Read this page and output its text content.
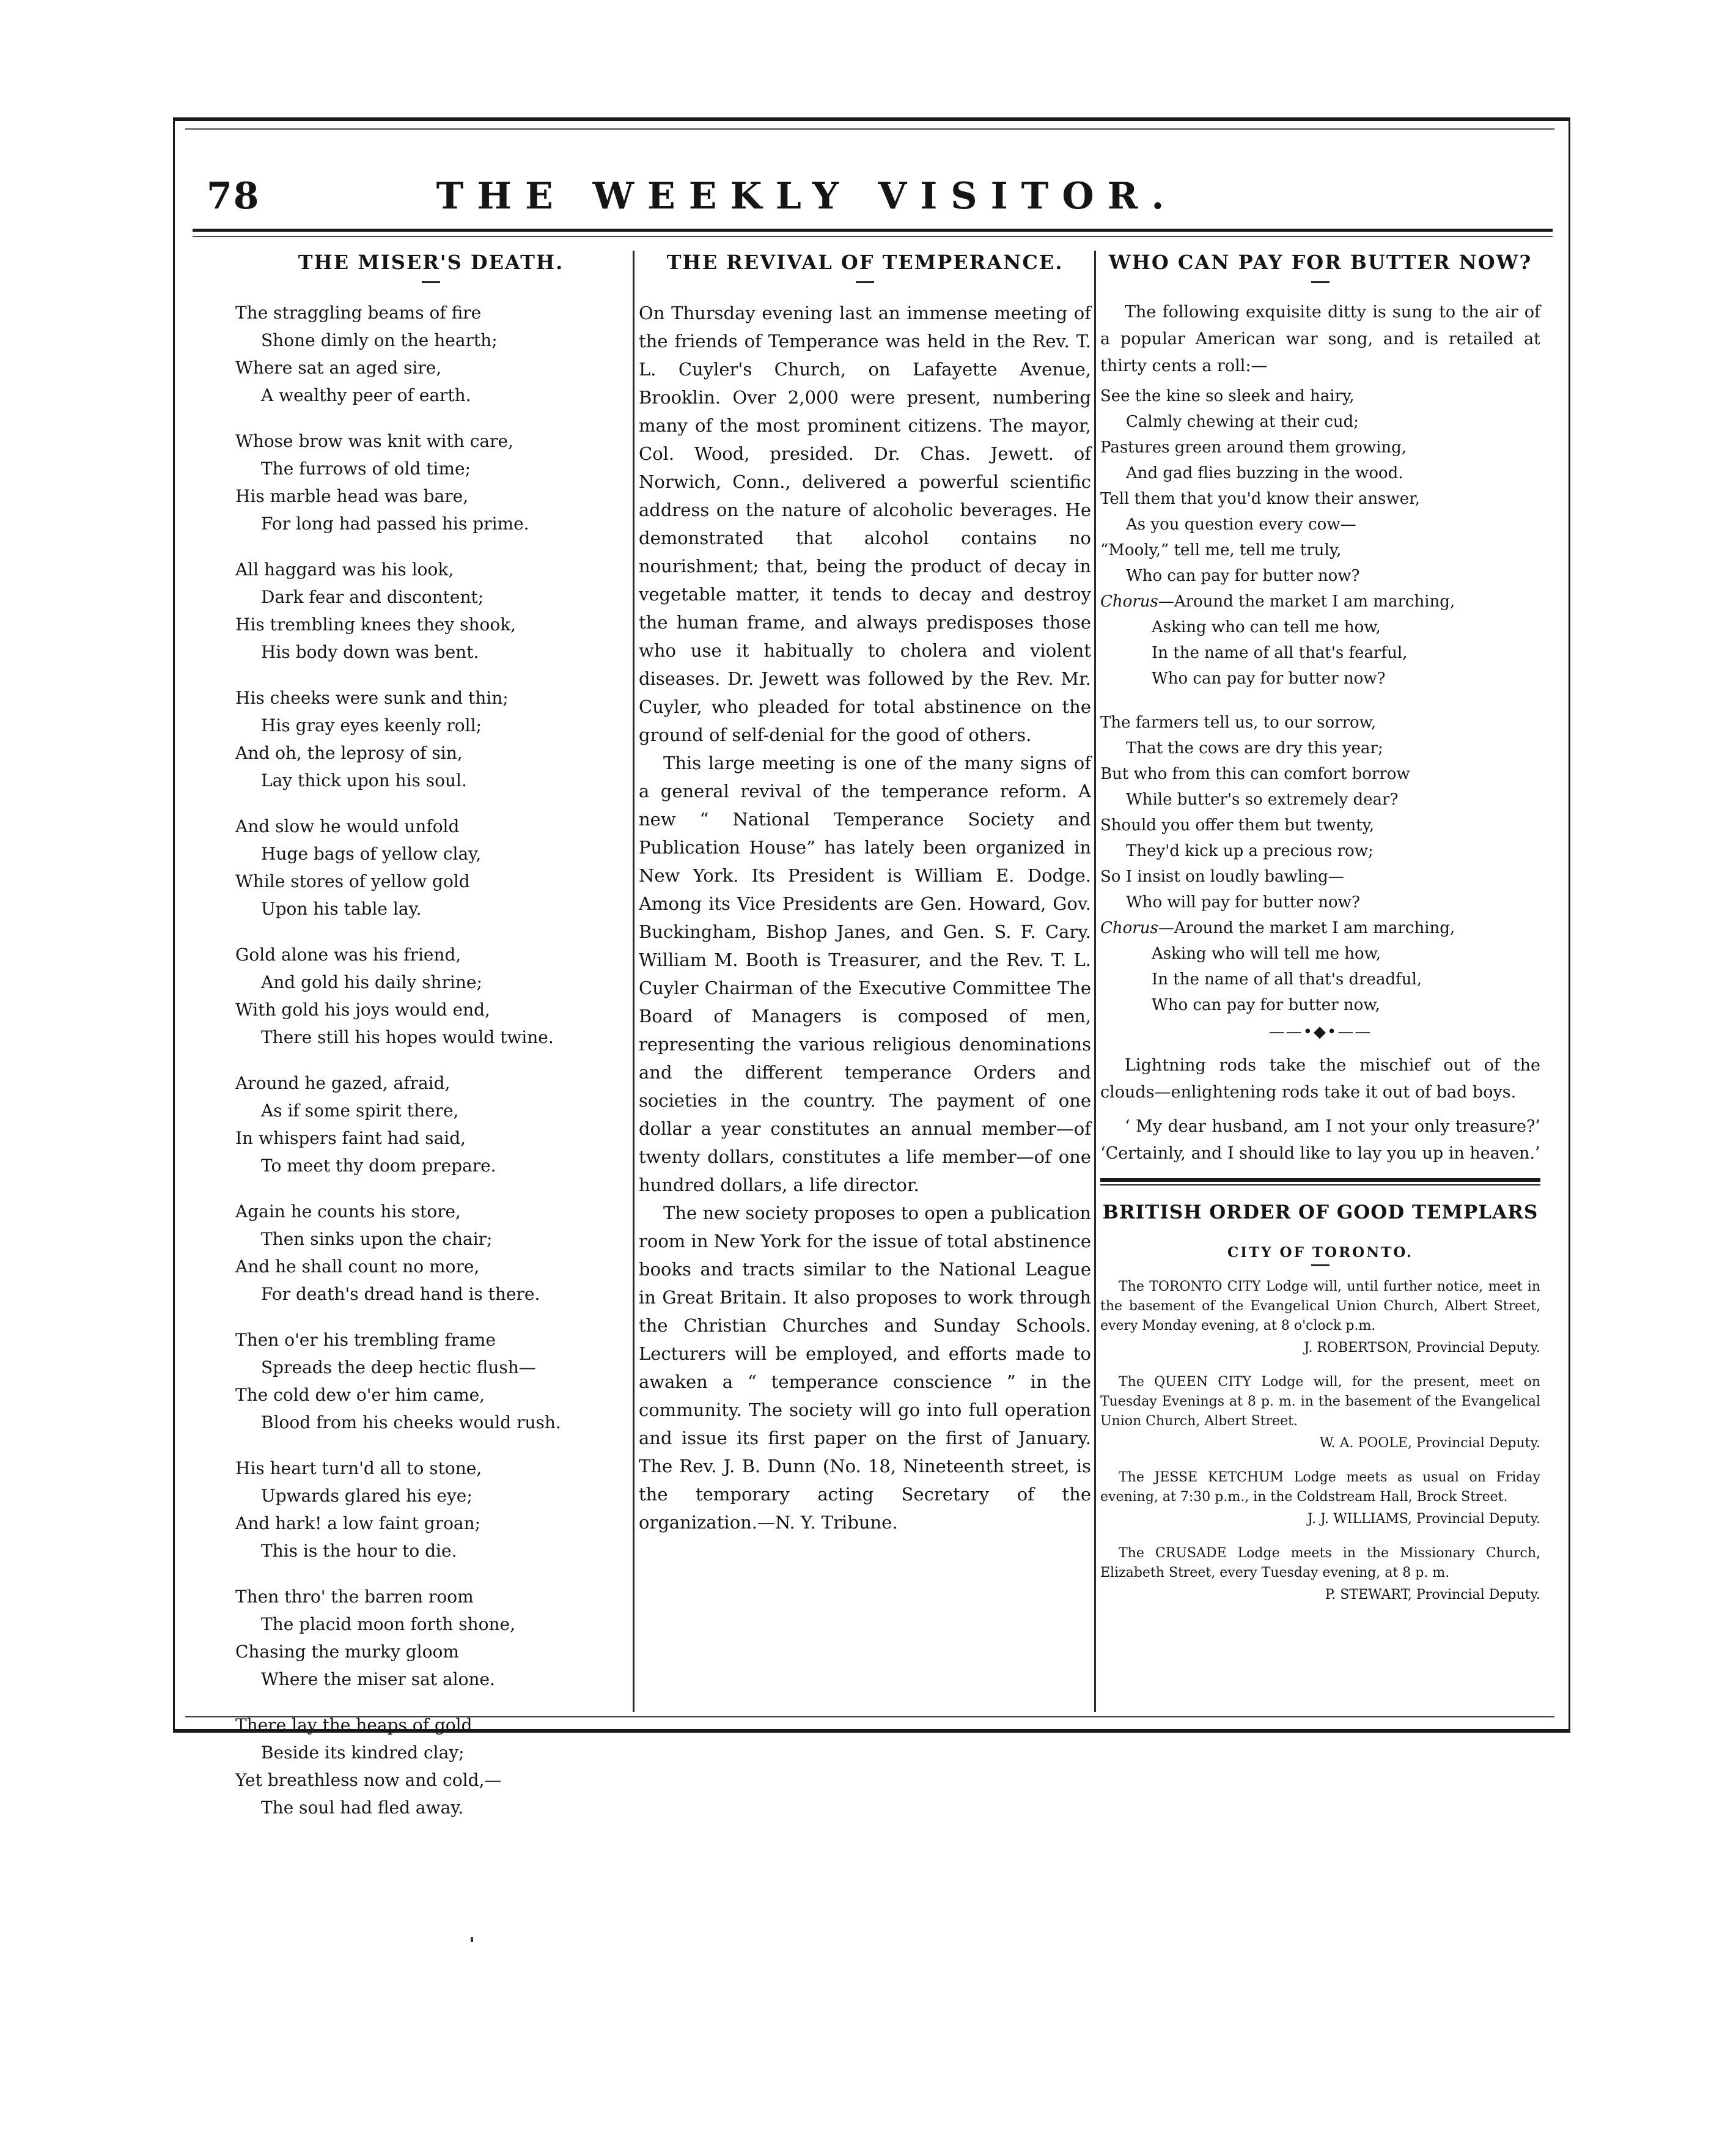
78	THE WEEKLY VISITOR.
THE MISER'S DEATH.
The straggling beams of fire
Shone dimly on the hearth;
Where sat an aged sire,
A wealthy peer of earth.
Whose brow was knit with care,
The furrows of old time;
His marble head was bare,
For long had passed his prime.
All haggard was his look,
Dark fear and discontent;
His trembling knees they shook,
His body down was bent.
His cheeks were sunk and thin;
His gray eyes keenly roll;
And oh, the leprosy of sin,
Lay thick upon his soul.
And slow he would unfold
Huge bags of yellow clay,
While stores of yellow gold
Upon his table lay.
Gold alone was his friend,
And gold his daily shrine;
With gold his joys would end,
There still his hopes would twine.
Around he gazed, afraid,
As if some spirit there,
In whispers faint had said,
To meet thy doom prepare.
Again he counts his store,
Then sinks upon the chair;
And he shall count no more,
For death's dread hand is there.
Then o'er his trembling frame
Spreads the deep hectic flush—
The cold dew o'er him came,
Blood from his cheeks would rush.
His heart turn'd all to stone,
Upwards glared his eye;
And hark! a low faint groan;
This is the hour to die.
Then thro' the barren room
The placid moon forth shone,
Chasing the murky gloom
Where the miser sat alone.
There lay the heaps of gold
Beside its kindred clay;
Yet breathless now and cold,—
The soul had fled away.
THE REVIVAL OF TEMPERANCE.

On Thursday evening last an immense meeting of the friends of Temperance was held in the Rev. T. L. Cuyler's Church, on Lafayette Avenue, Brooklin. Over 2,000 were present, numbering many of the most prominent citizens. The mayor, Col. Wood, presided. Dr. Chas. Jewett. of Norwich, Conn., delivered a powerful scientific address on the nature of alcoholic beverages. He demonstrated that alcohol contains no nourishment; that, being the product of decay in vegetable matter, it tends to decay and destroy the human frame, and always predisposes those who use it habitually to cholera and violent diseases. Dr. Jewett was followed by the Rev. Mr. Cuyler, who pleaded for total abstinence on the ground of self-denial for the good of others.

This large meeting is one of the many signs of a general revival of the temperance reform. A new “ National Temperance Society and Publication House” has lately been organized in New York. Its President is William E. Dodge. Among its Vice Presidents are Gen. Howard, Gov. Buckingham, Bishop Janes, and Gen. S. F. Cary. William M. Booth is Treasurer, and the Rev. T. L. Cuyler Chairman of the Executive Committee The Board of Managers is composed of men, representing the various religious denominations and the different temperance Orders and societies in the country. The payment of one dollar a year constitutes an annual member—of twenty dollars, constitutes a life member—of one hundred dollars, a life director.

The new society proposes to open a publication room in New York for the issue of total abstinence books and tracts similar to the National League in Great Britain. It also proposes to work through the Christian Churches and Sunday Schools. Lecturers will be employed, and efforts made to awaken a “ temperance conscience ” in the community. The society will go into full operation and issue its first paper on the first of January. The Rev. J. B. Dunn (No. 18, Nineteenth street, is the temporary acting Secretary of the organization.—N. Y. Tribune.

WHO CAN PAY FOR BUTTER NOW?

The following exquisite ditty is sung to the air of a popular American war song, and is retailed at thirty cents a roll:—

See the kine so sleek and hairy,
Calmly chewing at their cud;
Pastures green around them growing,
And gad flies buzzing in the wood.
Tell them that you'd know their answer,
As you question every cow—
“Mooly,” tell me, tell me truly,
Who can pay for butter now?
Chorus—Around the market I am marching,
Asking who can tell me how,
In the name of all that's fearful,
Who can pay for butter now?
The farmers tell us, to our sorrow,
That the cows are dry this year;
But who from this can comfort borrow
While butter's so extremely dear?
Should you offer them but twenty,
They'd kick up a precious row;
So I insist on loudly bawling—
Who will pay for butter now?
Chorus—Around the market I am marching,
Asking who will tell me how,
In the name of all that's dreadful,
Who can pay for butter now,
——•◆•——

Lightning rods take the mischief out of the clouds—enlightening rods take it out of bad boys.

‘ My dear husband, am I not your only treasure?’ ‘Certainly, and I should like to lay you up in heaven.’

BRITISH ORDER OF GOOD TEMPLARS
CITY OF TORONTO.

The TORONTO CITY Lodge will, until further notice, meet in the basement of the Evangelical Union Church, Albert Street, every Monday evening, at 8 o'clock p.m.

J. ROBERTSON, Provincial Deputy.

The QUEEN CITY Lodge will, for the present, meet on Tuesday Evenings at 8 p. m. in the basement of the Evangelical Union Church, Albert Street.

W. A. POOLE, Provincial Deputy.

The JESSE KETCHUM Lodge meets as usual on Friday evening, at 7:30 p.m., in the Coldstream Hall, Brock Street.

J. J. WILLIAMS, Provincial Deputy.

The CRUSADE Lodge meets in the Missionary Church, Elizabeth Street, every Tuesday evening, at 8 p. m.

P. STEWART, Provincial Deputy.
